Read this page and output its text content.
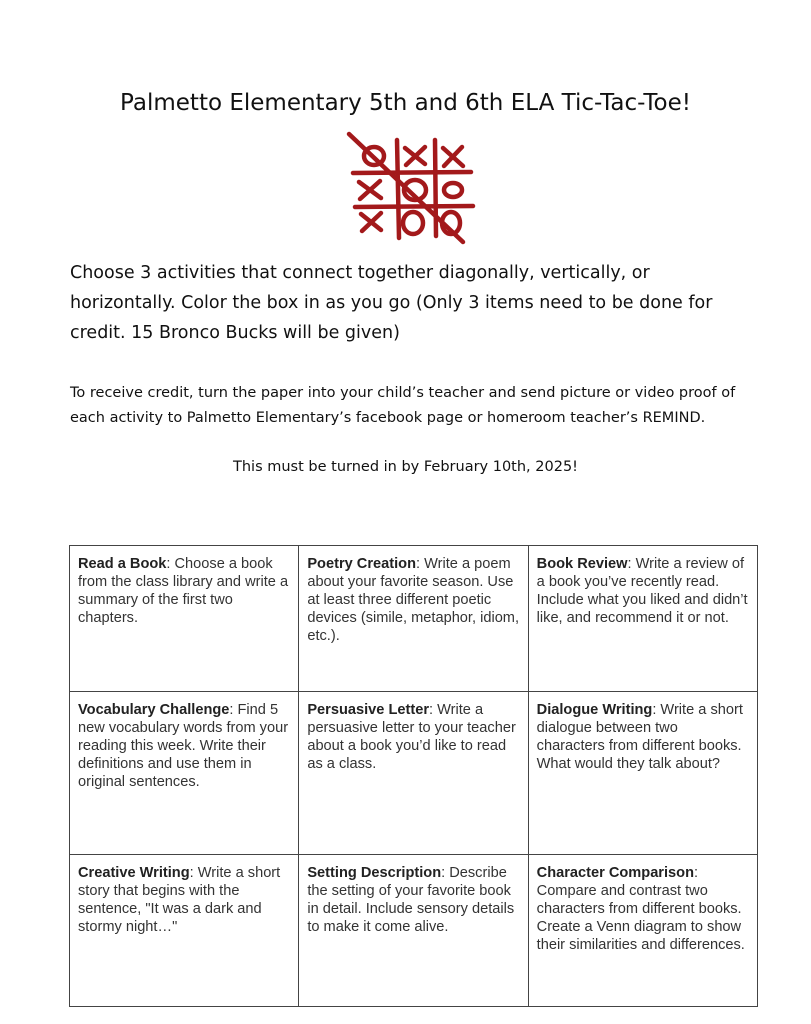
Palmetto Elementary 5th and 6th ELA Tic-Tac-Toe!

Choose 3 activities that connect together diagonally, vertically, or horizontally. Color the box in as you go (Only 3 items need to be done for credit. 15 Bronco Bucks will be given)

To receive credit, turn the paper into your child’s teacher and send picture or video proof of each activity to Palmetto Elementary’s facebook page or homeroom teacher’s REMIND.

This must be turned in by February 10th, 2025!

Read a Book: Choose a book from the class library and write a summary of the first two chapters.	Poetry Creation: Write a poem about your favorite season. Use at least three different poetic devices (simile, metaphor, idiom, etc.).	Book Review: Write a review of a book you’ve recently read. Include what you liked and didn’t like, and recommend it or not.
Vocabulary Challenge: Find 5 new vocabulary words from your reading this week. Write their definitions and use them in original sentences.	Persuasive Letter: Write a persuasive letter to your teacher about a book you’d like to read as a class.	Dialogue Writing: Write a short dialogue between two characters from different books. What would they talk about?
Creative Writing: Write a short story that begins with the sentence, "It was a dark and stormy night…"	Setting Description: Describe the setting of your favorite book in detail. Include sensory details to make it come alive.	Character Comparison: Compare and contrast two characters from different books. Create a Venn diagram to show their similarities and differences.
